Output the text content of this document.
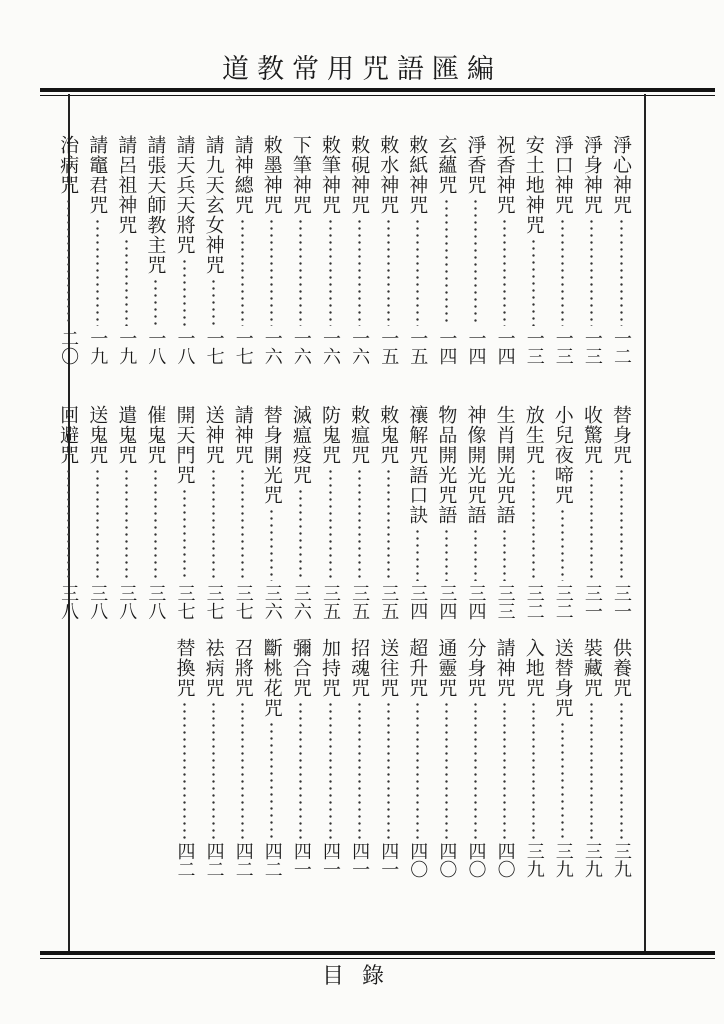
道教常用咒語匯編
淨心神咒
一二
淨身神咒
一三
淨口神咒
一三
安土地神咒
一三
祝香神咒
一四
淨香咒
一四
玄蘊咒
一四
敕紙神咒
一五
敕水神咒
一五
敕硯神咒
一六
敕筆神咒
一六
下筆神咒
一六
敕墨神咒
一六
請神總咒
一七
請九天玄女神咒
一七
請天兵天將咒
一八
請張天師教主咒
一八
請呂祖神咒
一九
請竈君咒
一九
治病咒
二〇
替身咒
三一
收驚咒
三一
小兒夜啼咒
三二
放生咒
三二
生肖開光咒語
三三
神像開光咒語
三四
物品開光咒語
三四
禳解咒語口訣
三四
敕鬼咒
三五
敕瘟咒
三五
防鬼咒
三五
滅瘟疫咒
三六
替身開光咒
三六
請神咒
三七
送神咒
三七
開天門咒
三七
催鬼咒
三八
遣鬼咒
三八
送鬼咒
三八
回避咒
三八
供養咒
三九
裝藏咒
三九
送替身咒
三九
入地咒
三九
請神咒
四〇
分身咒
四〇
通靈咒
四〇
超升咒
四〇
送往咒
四一
招魂咒
四一
加持咒
四一
彌合咒
四一
斷桃花咒
四二
召將咒
四二
祛病咒
四二
替換咒
四二
目錄
